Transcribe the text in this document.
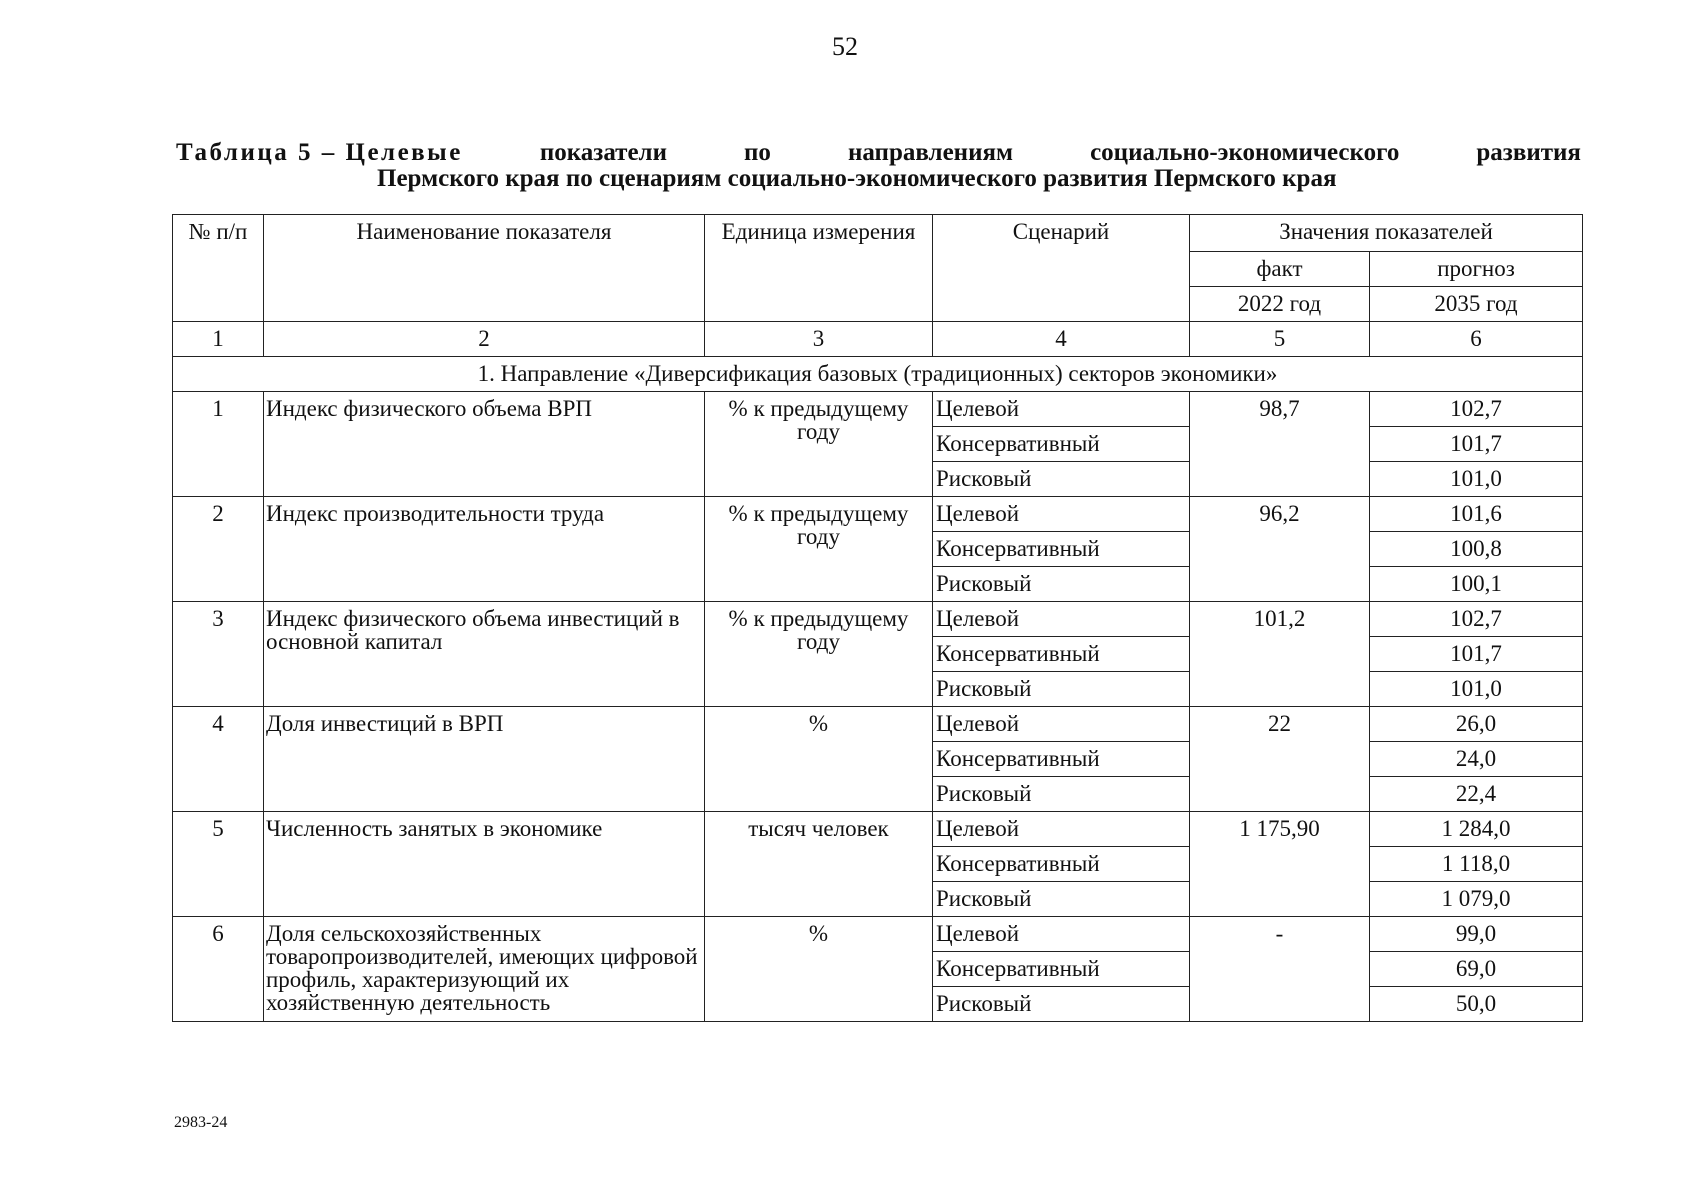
52
Таблица 5 – Целевые	показатели	по	направлениям	социально-экономического	развития
Пермского края по сценариям социально-экономического развития Пермского края
№ п/п	Наименование показателя	Единица измерения	Сценарий	Значения показателей	
				факт	прогноз
				2022 год	2035 год
1	2	3	4	5	6
1. Направление «Диверсификация базовых (традиционных) секторов экономики»					
1	Индекс физического объема ВРП	% к предыдущему году	Целевой	98,7	102,7
			Консервативный		101,7
			Рисковый		101,0
2	Индекс производительности труда	% к предыдущему году	Целевой	96,2	101,6
			Консервативный		100,8
			Рисковый		100,1
3	Индекс физического объема инвестиций в основной капитал	% к предыдущему году	Целевой	101,2	102,7
			Консервативный		101,7
			Рисковый		101,0
4	Доля инвестиций в ВРП	%	Целевой	22	26,0
			Консервативный		24,0
			Рисковый		22,4
5	Численность занятых в экономике	тысяч человек	Целевой	1 175,90	1 284,0
			Консервативный		1 118,0
			Рисковый		1 079,0
6	Доля сельскохозяйственных товаропроизводителей, имеющих цифровой профиль, характеризующий их хозяйственную деятельность	%	Целевой	-	99,0
			Консервативный		69,0
			Рисковый		50,0
2983-24
